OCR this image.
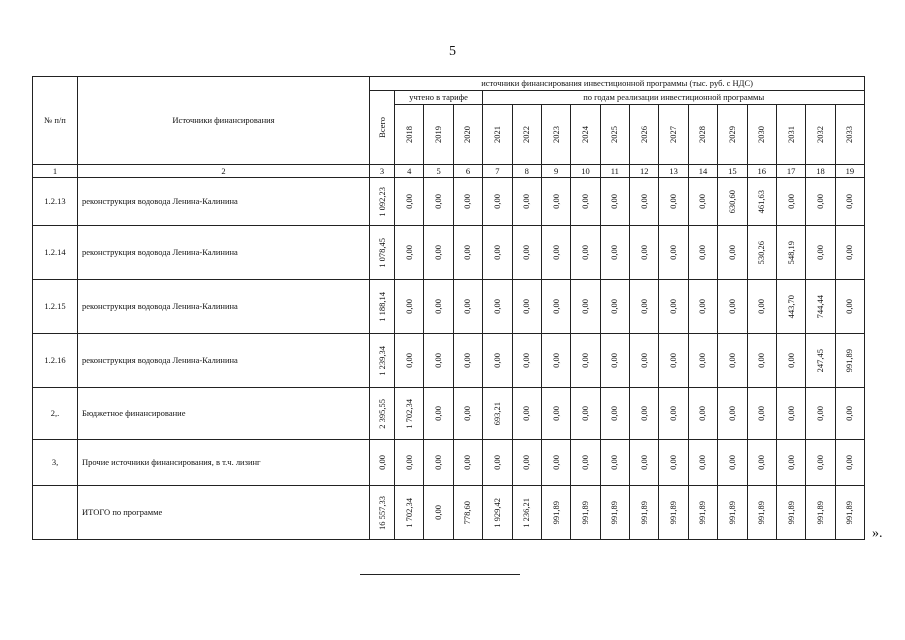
5
№ п/п	Источники финансирования	источники финансирования инвестиционной программы (тыс. руб. с НДС)																

		Всего	учтено в тарифе			по годам реализации инвестиционной программы												

			2018	2019	2020	2021	2022	2023	2024	2025	2026	2027	2028	2029	2030	2031	2032	2033

1	2	3	4	5	6	7	8	9	10	11	12	13	14	15	16	17	18	19
1.2.13	реконструкция водовода Ленина-Калинина	1 092,23	0,00	0,00	0,00	0,00	0,00	0,00	0,00	0,00	0,00	0,00	0,00	630,60	461,63	0,00	0,00	0,00

1.2.14	реконструкция водовода Ленина-Калинина	1 078,45	0,00	0,00	0,00	0,00	0,00	0,00	0,00	0,00	0,00	0,00	0,00	0,00	530,26	548,19	0,00	0,00

1.2.15	реконструкция водовода Ленина-Калинина	1 188,14	0,00	0,00	0,00	0,00	0,00	0,00	0,00	0,00	0,00	0,00	0,00	0,00	0,00	443,70	744,44	0,00

1.2.16	реконструкция водовода Ленина-Калинина	1 239,34	0,00	0,00	0,00	0,00	0,00	0,00	0,00	0,00	0,00	0,00	0,00	0,00	0,00	0,00	247,45	991,89

2,.	Бюджетное финансирование	2 395,55	1 702,34	0,00	0,00	693,21	0,00	0,00	0,00	0,00	0,00	0,00	0,00	0,00	0,00	0,00	0,00	0,00

3,	Прочие источники финансирования, в т.ч. лизинг	0,00	0,00	0,00	0,00	0,00	0,00	0,00	0,00	0,00	0,00	0,00	0,00	0,00	0,00	0,00	0,00	0,00

	ИТОГО по программе	16 557,33	1 702,34	0,00	778,60	1 929,42	1 236,21	991,89	991,89	991,89	991,89	991,89	991,89	991,89	991,89	991,89	991,89	991,89
».
